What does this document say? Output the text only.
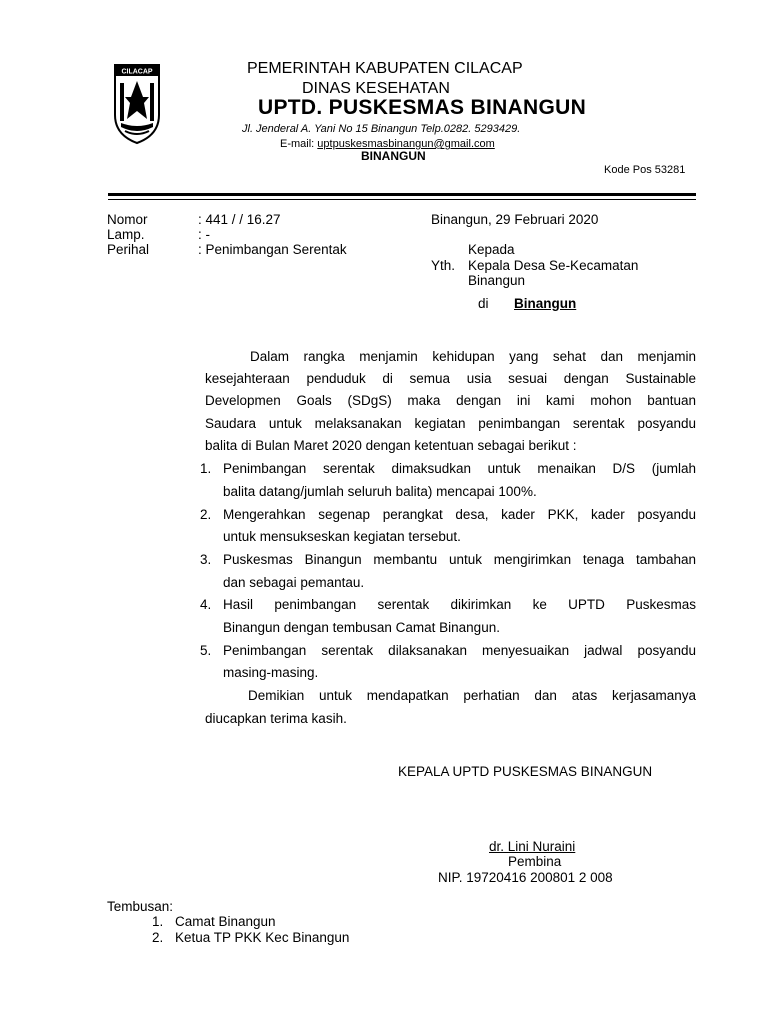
CILACAP	PEMERINTAH KABUPATEN CILACAP
DINAS KESEHATAN
UPTD. PUSKESMAS BINANGUN
Jl. Jenderal A. Yani No 15 Binangun Telp.0282. 5293429.
E-mail: uptpuskesmasbinangun@gmail.com
BINANGUN
Kode Pos 53281
Nomor	: 441 / / 16.27
Lamp.	: -
Perihal	: Penimbangan Serentak
Binangun, 29 Februari 2020
Kepada
Yth. Kepala Desa Se-Kecamatan
Binangun
di Binangun
Dalam rangka menjamin kehidupan yang sehat dan menjamin
kesejahteraan penduduk di semua usia sesuai dengan Sustainable
Developmen Goals (SDgS) maka dengan ini kami mohon bantuan
Saudara untuk melaksanakan kegiatan penimbangan serentak posyandu
balita di Bulan Maret 2020 dengan ketentuan sebagai berikut :
1. Penimbangan serentak dimaksudkan untuk menaikan D/S (jumlah
balita datang/jumlah seluruh balita) mencapai 100%.
2. Mengerahkan segenap perangkat desa, kader PKK, kader posyandu
untuk mensukseskan kegiatan tersebut.
3. Puskesmas Binangun membantu untuk mengirimkan tenaga tambahan
dan sebagai pemantau.
4. Hasil penimbangan serentak dikirimkan ke UPTD Puskesmas
Binangun dengan tembusan Camat Binangun.
5. Penimbangan serentak dilaksanakan menyesuaikan jadwal posyandu
masing-masing.
Demikian untuk mendapatkan perhatian dan atas kerjasamanya
diucapkan terima kasih.
KEPALA UPTD PUSKESMAS BINANGUN
dr. Lini Nuraini
Pembina
NIP. 19720416 200801 2 008
Tembusan:
1. Camat Binangun
2. Ketua TP PKK Kec Binangun
